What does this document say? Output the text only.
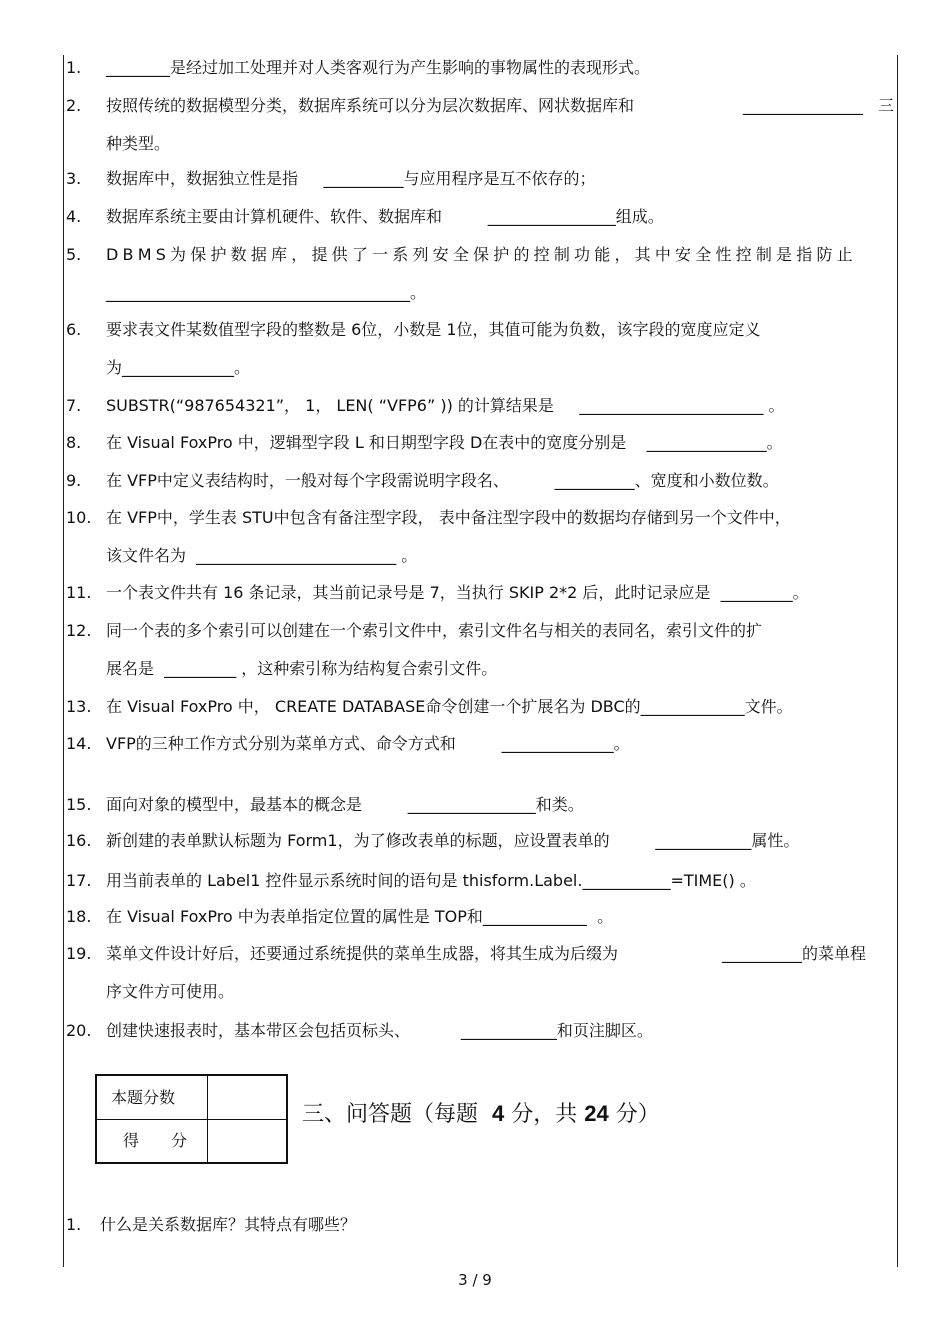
1. ________是经过加工处理并对人类客观行为产生影响的事物属性的表现形式。
2. 按照传统的数据模型分类，数据库系统可以分为层次数据库、网状数据库和	_______________ 三
种类型。
3. 数据库中，数据独立性是指 __________与应用程序是互不依存的；
4. 数据库系统主要由计算机硬件、软件、数据库和	________________组成。
5. DBMS为保护数据库，提供了一系列安全保护的控制功能，其中安全性控制是指防止
______________________________________。
6. 要求表文件某数值型字段的整数是 6位，小数是 1位，其值可能为负数，该字段的宽度应定义
为______________。
7. SUBSTR(“987654321”， 1， LEN( “VFP6” )) 的计算结果是 _______________________ 。
8. 在 Visual FoxPro 中，逻辑型字段 L 和日期型字段 D在表中的宽度分别是 _______________。
9. 在 VFP中定义表结构时，一般对每个字段需说明字段名、	__________、宽度和小数位数。
10. 在 VFP中，学生表 STU中包含有备注型字段， 表中备注型字段中的数据均存储到另一个文件中，
该文件名为 _________________________ 。
11. 一个表文件共有 16 条记录，其当前记录号是 7，当执行 SKIP 2*2 后，此时记录应是 _________。
12. 同一个表的多个索引可以创建在一个索引文件中，索引文件名与相关的表同名，索引文件的扩
展名是 _________ ，这种索引称为结构复合索引文件。
13. 在 Visual FoxPro 中， CREATE DATABASE命令创建一个扩展名为 DBC的_____________文件。
14. VFP的三种工作方式分别为菜单方式、命令方式和	______________。
15. 面向对象的模型中，最基本的概念是	________________和类。
16. 新创建的表单默认标题为 Form1，为了修改表单的标题，应设置表单的	____________属性。
17. 用当前表单的 Label1 控件显示系统时间的语句是 thisform.Label.___________=TIME() 。
18. 在 Visual FoxPro 中为表单指定位置的属性是 TOP和_____________ 。
19. 菜单文件设计好后，还要通过系统提供的菜单生成器，将其生成为后缀为	__________的菜单程
序文件方可使用。
20. 创建快速报表时，基本带区会包括页标头、	____________和页注脚区。
本题分数
得　　分
三、问答题（每题 4 分，共 24 分）
1. 什么是关系数据库？其特点有哪些？
3 / 9
